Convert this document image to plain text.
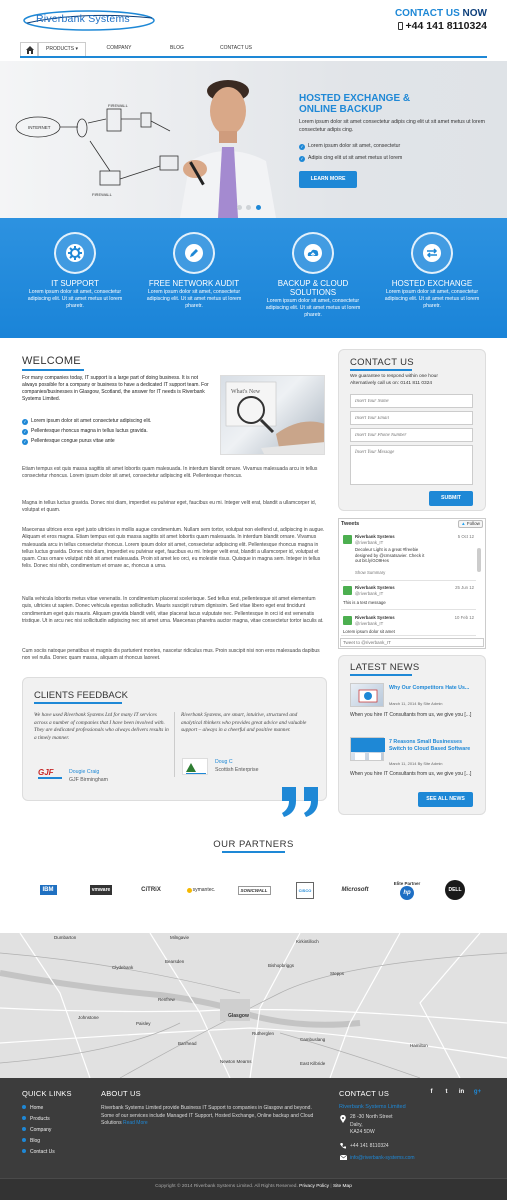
Riverbank Systems	CONTACT US NOW
+44 141 8110324
PRODUCTS ▾	COMPANY	BLOG	CONTACT US
INTERNET
FIREWALL
FIREWALL
HOSTED EXCHANGE &
ONLINE BACKUP
Lorem ipsum dolor sit amet consectetur adipis cing elit ut sit amet metus ut lorem consectetur adipis cing.
✓ Lorem ipsum dolor sit amet, consectetur
✓ Adipis cing elit ut sit amet metus ut lorem
LEARN MORE
IT SUPPORT
Lorem ipsum dolor sit amet, consectetur adipiscing elit. Ut sit amet metus ut lorem pharetr.
FREE NETWORK AUDIT
Lorem ipsum dolor sit amet, consectetur adipiscing elit. Ut sit amet metus ut lorem pharetr.
BACKUP & CLOUD SOLUTIONS
Lorem ipsum dolor sit amet, consectetur adipiscing elit. Ut sit amet metus ut lorem pharetr.
HOSTED EXCHANGE
Lorem ipsum dolor sit amet, consectetur adipiscing elit. Ut sit amet metus ut lorem pharetr.
WELCOME
For many companies today, IT support is a large part of doing business. It is not always possible for a company or business to have a dedicated IT support team. For companies/businesses in Glasgow, Scotland, the answer for IT needs is Riverbank Systems Limited.
✓ Lorem ipsum dolor sit amet consectetur adipiscing elit.
✓ Pellentesque rhoncus magna in tellus luctus gravida.
✓ Pellentesque congue purus vitae ante
What's New
Etiam tempus est quis massa sagittis sit amet lobortis quam malesuada. In interdum blandit ornare. Vivamus malesuada arcu in tellus consectetur rhoncus. Lorem ipsum dolor sit amet, consectetur adipiscing elit. Pellentesque rhoncus.
Magna in tellus luctus gravida. Donec nisi diam, imperdiet eu pulvinar eget, faucibus eu mi. Integer velit erat, blandit a ullamcorper id, volutpat et quam.
Maecenas ultrices eros eget justo ultricies in mollis augue condimentum. Nullam sem tortor, volutpat non eleifend ut, adipiscing in augue. Aliquam et eros magna. Etiam tempus est quis massa sagittis sit amet lobortis quam malesuada. In interdum blandit ornare. Vivamus malesuada arcu in tellus consectetur rhoncus. Lorem ipsum dolor sit amet, consectetur adipiscing elit. Pellentesque rhoncus magna in tellus luctus gravida. Donec nisi diam, imperdiet eu pulvinar eget, faucibus eu mi. Integer velit erat, blandit a ullamcorper id, volutpat et quam. Cras ornare volutpat nibh sit amet malesuada. Proin sit amet leo orci, eu molestie risus. Quisque in magna sem. Integer in tellus felis. Donec nisi nibh, condimentum et ornare ac, rhoncus a urna.
Nulla vehicula lobortis metus vitae venenatis. In condimentum placerat scelerisque. Sed tellus erat, pellentesque sit amet elementum quis, ultricies ut sapien. Donec vehicula egestas sollicitudin. Mauris suscipit rutrum dignissim. Sed vitae libero eget erat tincidunt condimentum eget quis mauris. Aliquam gravida blandit velit, vitae placerat lacus vulputate nec. Pellentesque in orci id est venenatis tristique. Ut in arcu nec nisi sollicitudin adipiscing nec sit amet urna. Maecenas pharetra auctor magna, vitae consectetur tortor iaculis at.
Cum sociis natoque penatibus et magnis dis parturient montes, nascetur ridiculus mus. Proin suscipit nisi non eros malesuada dapibus non vel nulla. Donec quam massa, aliquam at rhoncus laoreet.
CLIENTS FEEDBACK
We have used Riverbank Systems Ltd for many IT services across a number of companies that I have been involved with. They are dedicated professionals who always delivers results in a timely manner.
Riverbank Systems, are smart, intuitive, structured and analytical thinkers who provides great advice and valuable support – always in a cheerful and positive manner.
GJF	Dougie Craig
GJF Birmingham
Doug C
Scottish Enterprise
CONTACT US
We guarantee to respond within one hour
Alternatively call us on: 0141 811 0324
Insert Your Name
Insert Your Email
Insert Your Phone Number
Insert Your Message
SUBMIT
Tweets	▲ Follow
Riverbank Systems
@riverbank_IT
5 Oct 12
Decoleur Light is a great #freebie designed by @cmsatsavier. Check it out bit.ly/GO9Hes
Show Summary
Riverbank Systems
@riverbank_IT
25 Jun 12
This is a test message
Riverbank Systems
@riverbank_IT
10 Feb 12
Lorem ipsum dolor sit amet
Tweet to @riverbank_IT
LATEST NEWS
Why Our Competitors Hate Us...
March 11, 2014 By Site Admin
When you hire IT Consultants from us, we give you [...]
7 Reasons Small Businesses Switch to Cloud Based Software
March 11, 2014 By Site Admin
When you hire IT Consultants from us, we give you [...]
SEE ALL NEWS
OUR PARTNERS
IBM	vmware	CiTRiX	symantec.	SONICWALL	CISCO	Microsoft
Elite Partner
hp	DELL
Dumbarton	Milngavie
Kirkintilloch
Clydebank
Bearsden
Bishopbriggs
Stepps
Renfrew
Glasgow
Paisley
Barrhead
Rutherglen
Cambuslang
Hamilton
East Kilbride
Newton Mearns
Johnstone
QUICK LINKS
Home
Products
Company
Blog
Contact Us
ABOUT US
Riverbank Systems Limited provide Business IT Support to companies in Glasgow and beyond. Some of our services include Managed IT Support, Hosted Exchange, Online backup and Cloud Solutions Read More
CONTACT US	f	t	in	g+
Riverbank Systems Limited
28 -30 North Street
Dalry,
KA24 5DW
+44 141 8110324
info@riverbank-systems.com
Copyright © 2014 Riverbank Systems Limited. All Rights Reserved. Privacy Policy | Site Map
